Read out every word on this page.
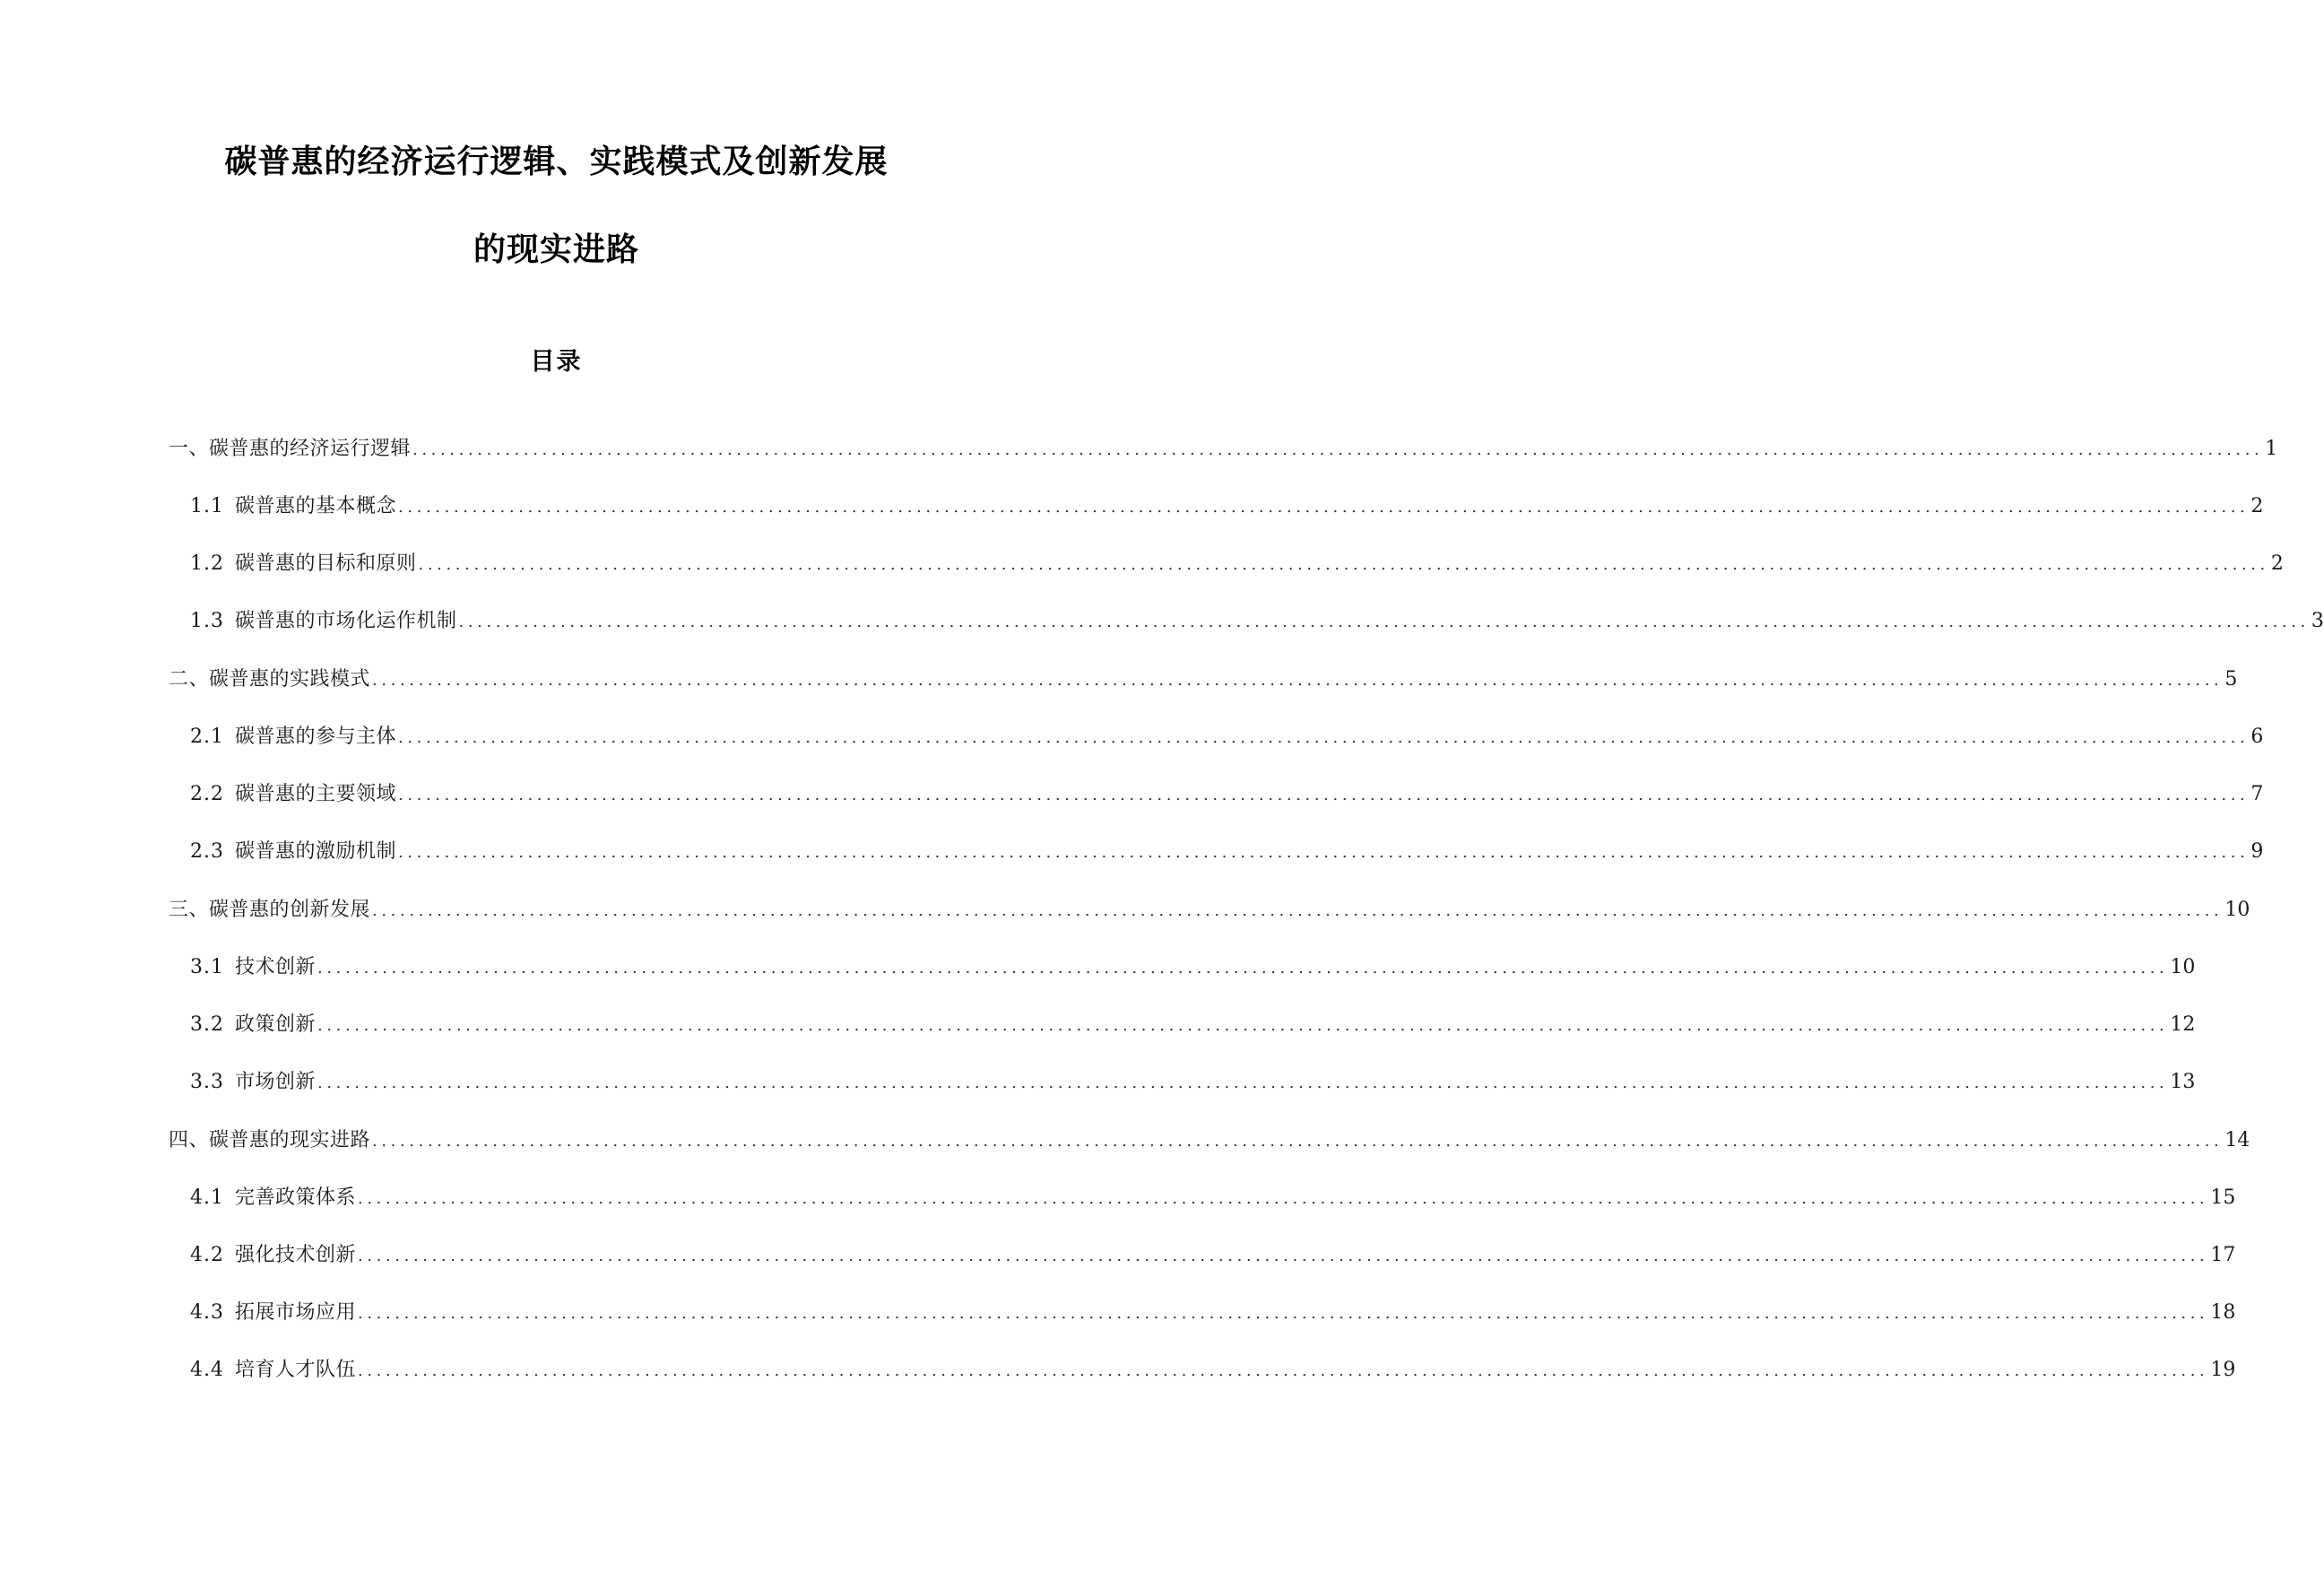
碳普惠的经济运行逻辑、实践模式及创新发展
的现实进路
目录
一、碳普惠的经济运行逻辑 ........................................................................................................................................................................................................ 1
1.1 碳普惠的基本概念 ........................................................................................................................................................................................................ 2
1.2 碳普惠的目标和原则 ........................................................................................................................................................................................................ 2
1.3 碳普惠的市场化运作机制 ........................................................................................................................................................................................................ 3
二、碳普惠的实践模式 ........................................................................................................................................................................................................ 5
2.1 碳普惠的参与主体 ........................................................................................................................................................................................................ 6
2.2 碳普惠的主要领域 ........................................................................................................................................................................................................ 7
2.3 碳普惠的激励机制 ........................................................................................................................................................................................................ 9
三、碳普惠的创新发展 ........................................................................................................................................................................................................ 10
3.1 技术创新 ........................................................................................................................................................................................................ 10
3.2 政策创新 ........................................................................................................................................................................................................ 12
3.3 市场创新 ........................................................................................................................................................................................................ 13
四、碳普惠的现实进路 ........................................................................................................................................................................................................ 14
4.1 完善政策体系 ........................................................................................................................................................................................................ 15
4.2 强化技术创新 ........................................................................................................................................................................................................ 17
4.3 拓展市场应用 ........................................................................................................................................................................................................ 18
4.4 培育人才队伍 ........................................................................................................................................................................................................ 19
